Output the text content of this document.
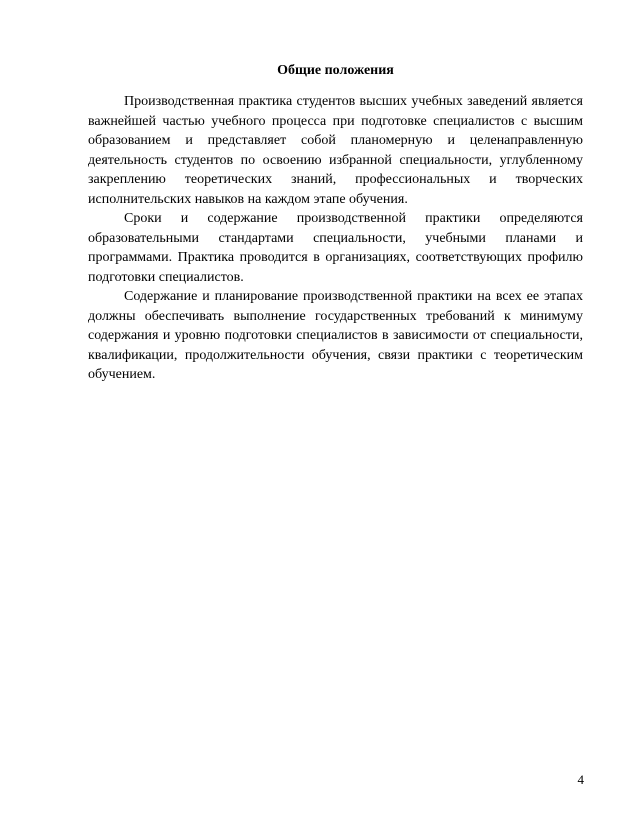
Общие положения

Производственная практика студентов высших учебных заведений является важнейшей частью учебного процесса при подготовке специалистов с высшим образованием и представляет собой планомерную и целенаправленную деятельность студентов по освоению избранной специальности, углубленному закреплению теоретических знаний, профессиональных и творческих исполнительских навыков на каждом этапе обучения.

Сроки и содержание производственной практики определяются образовательными стандартами специальности, учебными планами и программами. Практика проводится в организациях, соответствующих профилю подготовки специалистов.

Содержание и планирование производственной практики на всех ее этапах должны обеспечивать выполнение государственных требований к минимуму содержания и уровню подготовки специалистов в зависимости от специальности, квалификации, продолжительности обучения, связи практики с теоретическим обучением.

4
